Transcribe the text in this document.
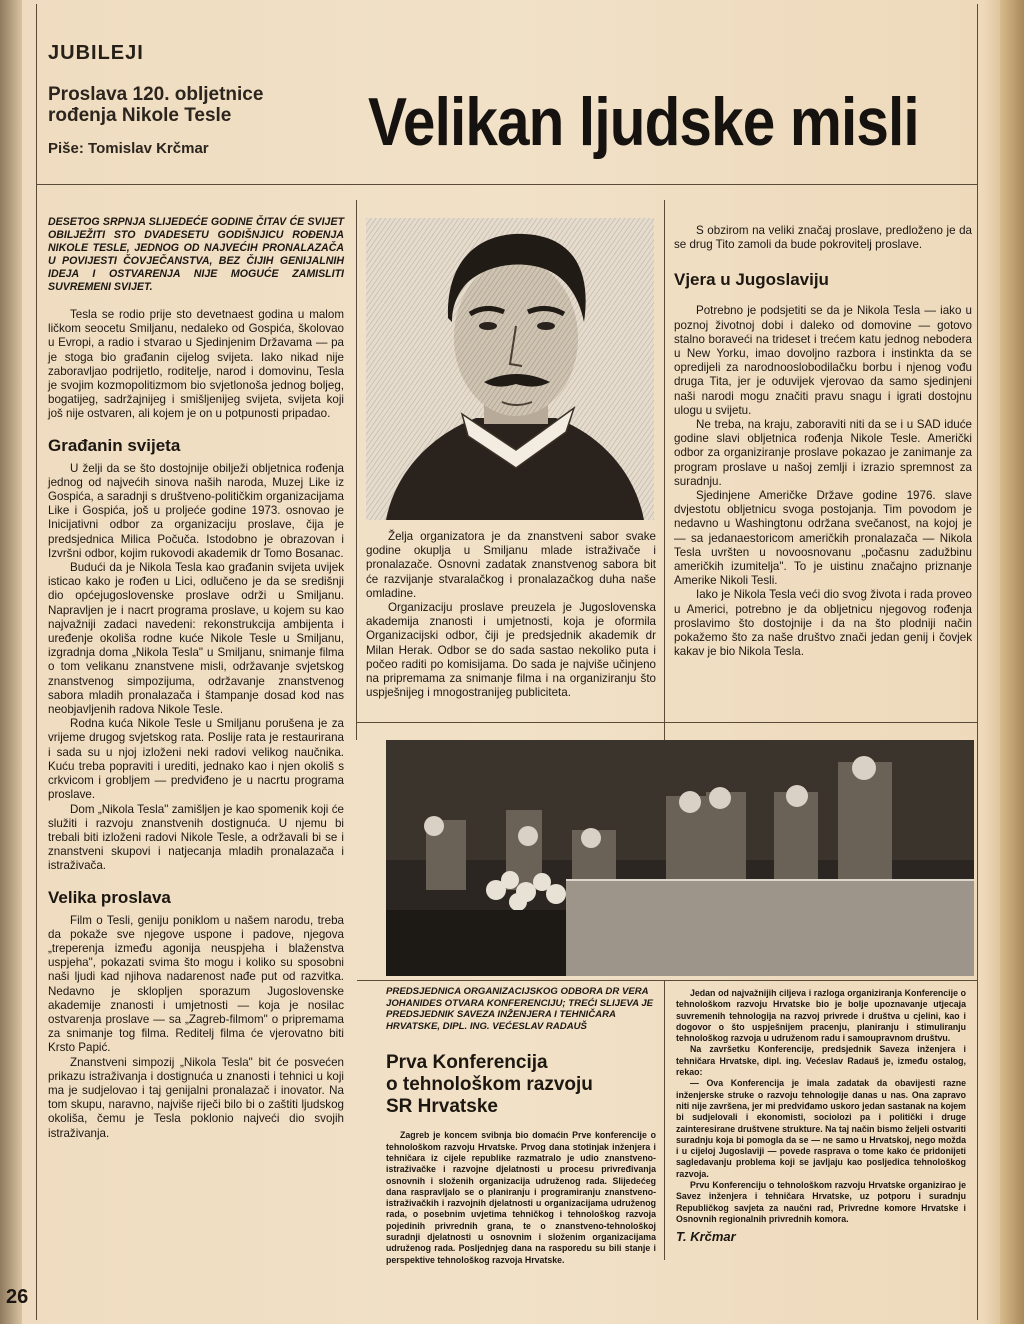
JUBILEJI
Proslava 120. obljetnice
rođenja Nikole Tesle
Piše: Tomislav Krčmar Velikan ljudske misli

DESETOG SRPNJA SLIJEDEĆE GODINE ČITAV ĆE SVIJET OBILJEŽITI STO DVADESETU GODIŠNJICU ROĐENJA NIKOLE TESLE, JEDNOG OD NAJVEĆIH PRONALAZAČA U POVIJESTI ČOVJEČANSTVA, BEZ ČIJIH GENIJALNIH IDEJA I OSTVARENJA NIJE MOGUĆE ZAMISLITI SUVREMENI SVIJET.

Tesla se rodio prije sto devetnaest godina u malom ličkom seocetu Smiljanu, nedaleko od Gospića, školovao u Evropi, a radio i stvarao u Sjedinjenim Državama — pa je stoga bio građanin cijelog svijeta. Iako nikad nije zaboravljao podrijetlo, roditelje, narod i domovinu, Tesla je svojim kozmopolitizmom bio svjetlonoša jednog boljeg, bogatijeg, sadržajnijeg i smišljenijeg svijeta, svijeta koji još nije ostvaren, ali kojem je on u potpunosti pripadao.

Građanin svijeta

U želji da se što dostojnije obilježi obljetnica rođenja jednog od najvećih sinova naših naroda, Muzej Like iz Gospića, a saradnji s društveno-političkim organizacijama Like i Gospića, još u proljeće godine 1973. osnovao je Inicijativni odbor za organizaciju proslave, čija je predsjednica Milica Počuča. Istodobno je obrazovan i Izvršni odbor, kojim rukovodi akademik dr Tomo Bosanac.

Budući da je Nikola Tesla kao građanin svijeta uvijek isticao kako je rođen u Lici, odlučeno je da se središnji dio općejugoslovenske proslave održi u Smiljanu. Napravljen je i nacrt programa proslave, u kojem su kao najvažniji zadaci navedeni: rekonstrukcija ambijenta i uređenje okoliša rodne kuće Nikole Tesle u Smiljanu, izgradnja doma „Nikola Tesla" u Smiljanu, snimanje filma o tom velikanu znanstvene misli, održavanje svjetskog znanstvenog simpozijuma, održavanje znanstvenog sabora mladih pronalazača i štampanje dosad kod nas neobjavljenih radova Nikole Tesle.

Rodna kuća Nikole Tesle u Smiljanu porušena je za vrijeme drugog svjetskog rata. Poslije rata je restaurirana i sada su u njoj izloženi neki radovi velikog naučnika. Kuću treba popraviti i urediti, jednako kao i njen okoliš s crkvicom i grobljem — predviđeno je u nacrtu programa proslave.

Dom „Nikola Tesla" zamišljen je kao spomenik koji će služiti i razvoju znanstvenih dostignuća. U njemu bi trebali biti izloženi radovi Nikole Tesle, a održavali bi se i znanstveni skupovi i natjecanja mladih pronalazača i istraživača.

Velika proslava

Film o Tesli, geniju poniklom u našem narodu, treba da pokaže sve njegove uspone i padove, njegova „treperenja između agonija neuspjeha i blaženstva uspjeha", pokazati svima što mogu i koliko su sposobni naši ljudi kad njihova nadarenost nađe put od razvitka. Nedavno je sklopljen sporazum Jugoslovenske akademije znanosti i umjetnosti — koja je nosilac ostvarenja proslave — sa „Zagreb-filmom" o pripremama za snimanje tog filma. Reditelj filma će vjerovatno biti Krsto Papić.

Znanstveni simpozij „Nikola Tesla" bit će posvećen prikazu istraživanja i dostignuća u znanosti i tehnici u koji ma je sudjelovao i taj genijalni pronalazač i inovator. Na tom skupu, naravno, najviše riječi bilo bi o zaštiti ljudskog okoliša, čemu je Tesla poklonio najveći dio svojih istraživanja.

Želja organizatora je da znanstveni sabor svake godine okuplja u Smiljanu mlade istraživače i pronalazače. Osnovni zadatak znanstvenog sabora bit će razvijanje stvaralačkog i pronalazačkog duha naše omladine.

Organizaciju proslave preuzela je Jugoslovenska akademija znanosti i umjetnosti, koja je oformila Organizacijski odbor, čiji je predsjednik akademik dr Milan Herak. Odbor se do sada sastao nekoliko puta i počeo raditi po komisijama. Do sada je najviše učinjeno na pripremama za snimanje filma i na organiziranju što uspješnijeg i mnogostranijeg publiciteta.

S obzirom na veliki značaj proslave, predloženo je da se drug Tito zamoli da bude pokrovitelj proslave.

Vjera u Jugoslaviju

Potrebno je podsjetiti se da je Nikola Tesla — iako u poznoj životnoj dobi i daleko od domovine — gotovo stalno boraveći na trideset i trećem katu jednog nebodera u New Yorku, imao dovoljno razbora i instinkta da se opredijeli za narodnooslobodilačku borbu i njenog vođu druga Tita, jer je oduvijek vjerovao da samo sjedinjeni naši narodi mogu značiti pravu snagu i igrati dostojnu ulogu u svijetu.

Ne treba, na kraju, zaboraviti niti da se i u SAD iduće godine slavi obljetnica rođenja Nikole Tesle. Američki odbor za organiziranje proslave pokazao je zanimanje za program proslave u našoj zemlji i izrazio spremnost za suradnju.

Sjedinjene Američke Države godine 1976. slave dvjestotu obljetnicu svoga postojanja. Tim povodom je nedavno u Washingtonu održana svečanost, na kojoj je — sa jedanaestoricom američkih pronalazača — Nikola Tesla uvršten u novoosnovanu „počasnu zadužbinu američkih izumitelja". To je uistinu značajno priznanje Amerike Nikoli Tesli.

Iako je Nikola Tesla veći dio svog života i rada proveo u Americi, potrebno je da obljetnicu njegovog rođenja proslavimo što dostojnije i da na što plodniji način pokažemo što za naše društvo znači jedan genij i čovjek kakav je bio Nikola Tesla.

PREDSJEDNICA ORGANIZACIJSKOG ODBORA DR VERA JOHANIDES OTVARA KONFERENCIJU; TREĆI SLIJEVA JE PREDSJEDNIK SAVEZA INŽENJERA I TEHNIČARA HRVATSKE, DIPL. ING. VEĆESLAV RADAUŠ
Prva Konferencija
o tehnološkom razvoju
SR Hrvatske

Zagreb je koncem svibnja bio domaćin Prve konferencije o tehnološkom razvoju Hrvatske. Prvog dana stotinjak inženjera i tehničara iz cijele republike razmatralo je udio znanstveno-istraživačke i razvojne djelatnosti u procesu privređivanja osnovnih i složenih organizacija udruženog rada. Slijedećeg dana raspravljalo se o planiranju i programiranju znanstveno-istraživačkih i razvojnih djelatnosti u organizacijama udruženog rada, o posebnim uvjetima tehničkog i tehnološkog razvoja pojedinih privrednih grana, te o znanstveno-tehnološkoj suradnji djelatnosti u osnovnim i složenim organizacijama udruženog rada. Posljednjeg dana na rasporedu su bili stanje i perspektive tehnološkog razvoja Hrvatske.

Jedan od najvažnijih ciljeva i razloga organiziranja Konferencije o tehnološkom razvoju Hrvatske bio je bolje upoznavanje utjecaja suvremenih tehnologija na razvoj privrede i društva u cjelini, kao i dogovor o što uspješnijem pracenju, planiranju i stimuliranju tehnološkog razvoja u udruženom radu i samoupravnom društvu.

Na završetku Konferencije, predsjednik Saveza inženjera i tehničara Hrvatske, dipl. ing. Većeslav Radauš je, između ostalog, rekao:

— Ova Konferencija je imala zadatak da obavijesti razne inženjerske struke o razvoju tehnologije danas u nas. Ona zapravo niti nije završena, jer mi predviđamo uskoro jedan sastanak na kojem bi sudjelovali i ekonomisti, sociolozi pa i politički i druge zainteresirane društvene strukture. Na taj način bismo željeli ostvariti suradnju koja bi pomogla da se — ne samo u Hrvatskoj, nego možda i u cijeloj Jugoslaviji — povede rasprava o tome kako će pridonijeti sagledavanju problema koji se javljaju kao posljedica tehnološkog razvoja.

Prvu Konferenciju o tehnološkom razvoju Hrvatske organizirao je Savez inženjera i tehničara Hrvatske, uz potporu i suradnju Republičkog savjeta za naučni rad, Privredne komore Hrvatske i Osnovnih regionalnih privrednih komora.

T. Krčmar
26
